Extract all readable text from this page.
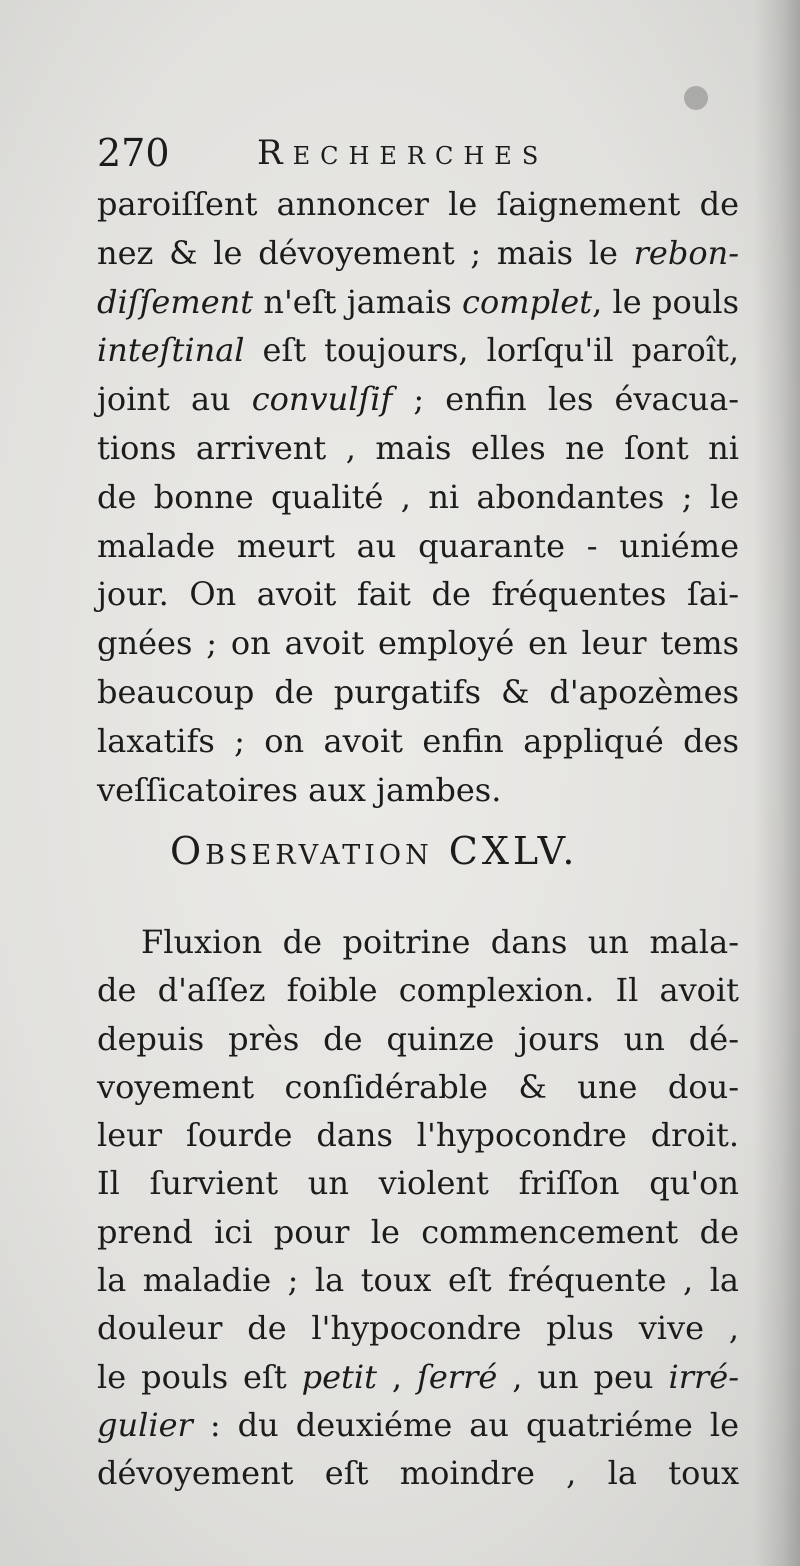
270	Recherches
paroiſſent annoncer le ſaignement de
nez & le dévoyement ; mais le rebon-
diſſement n'eſt jamais complet, le pouls
inteſtinal eſt toujours, lorſqu'il paroît,
joint au convulſif ; enfin les évacua-
tions arrivent , mais elles ne ſont ni
de bonne qualité , ni abondantes ; le
malade meurt au quarante - uniéme
jour. On avoit fait de fréquentes ſai-
gnées ; on avoit employé en leur tems
beaucoup de purgatifs & d'apozèmes
laxatifs ; on avoit enfin appliqué des
veſſicatoires aux jambes.
Observation CXLV.
Fluxion de poitrine dans un mala-
de d'aſſez foible complexion. Il avoit
depuis près de quinze jours un dé-
voyement conſidérable & une dou-
leur ſourde dans l'hypocondre droit.
Il ſurvient un violent friſſon qu'on
prend ici pour le commencement de
la maladie ; la toux eſt fréquente , la
douleur de l'hypocondre plus vive ,
le pouls eſt petit , ſerré , un peu irré-
gulier : du deuxiéme au quatriéme le
dévoyement eſt moindre , la toux
